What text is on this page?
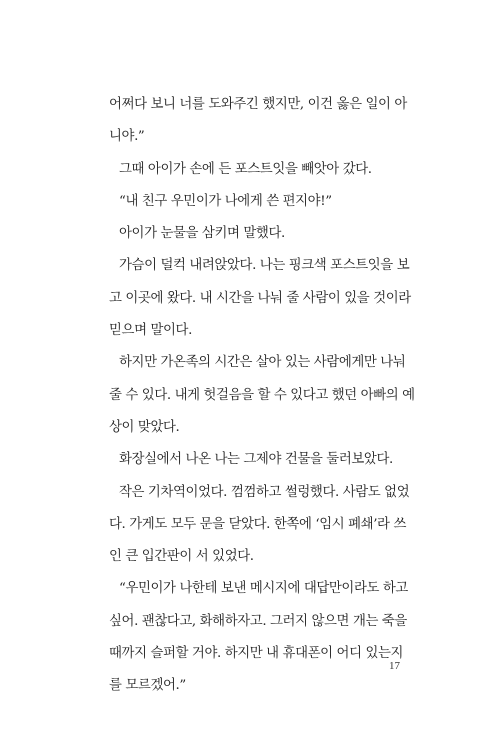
어쩌다 보니 너를 도와주긴 했지만, 이건 옳은 일이 아
니야.”
그때 아이가 손에 든 포스트잇을 빼앗아 갔다.
“내 친구 우민이가 나에게 쓴 편지야!”
아이가 눈물을 삼키며 말했다.
가슴이 덜컥 내려앉았다. 나는 핑크색 포스트잇을 보
고 이곳에 왔다. 내 시간을 나눠 줄 사람이 있을 것이라
믿으며 말이다.
하지만 가온족의 시간은 살아 있는 사람에게만 나눠
줄 수 있다. 내게 헛걸음을 할 수 있다고 했던 아빠의 예
상이 맞았다.
화장실에서 나온 나는 그제야 건물을 둘러보았다.
작은 기차역이었다. 껌껌하고 썰렁했다. 사람도 없었
다. 가게도 모두 문을 닫았다. 한쪽에 ‘임시 폐쇄’라 쓰
인 큰 입간판이 서 있었다.
“우민이가 나한테 보낸 메시지에 대답만이라도 하고
싶어. 괜찮다고, 화해하자고. 그러지 않으면 개는 죽을
때까지 슬퍼할 거야. 하지만 내 휴대폰이 어디 있는지
를 모르겠어.”
17
